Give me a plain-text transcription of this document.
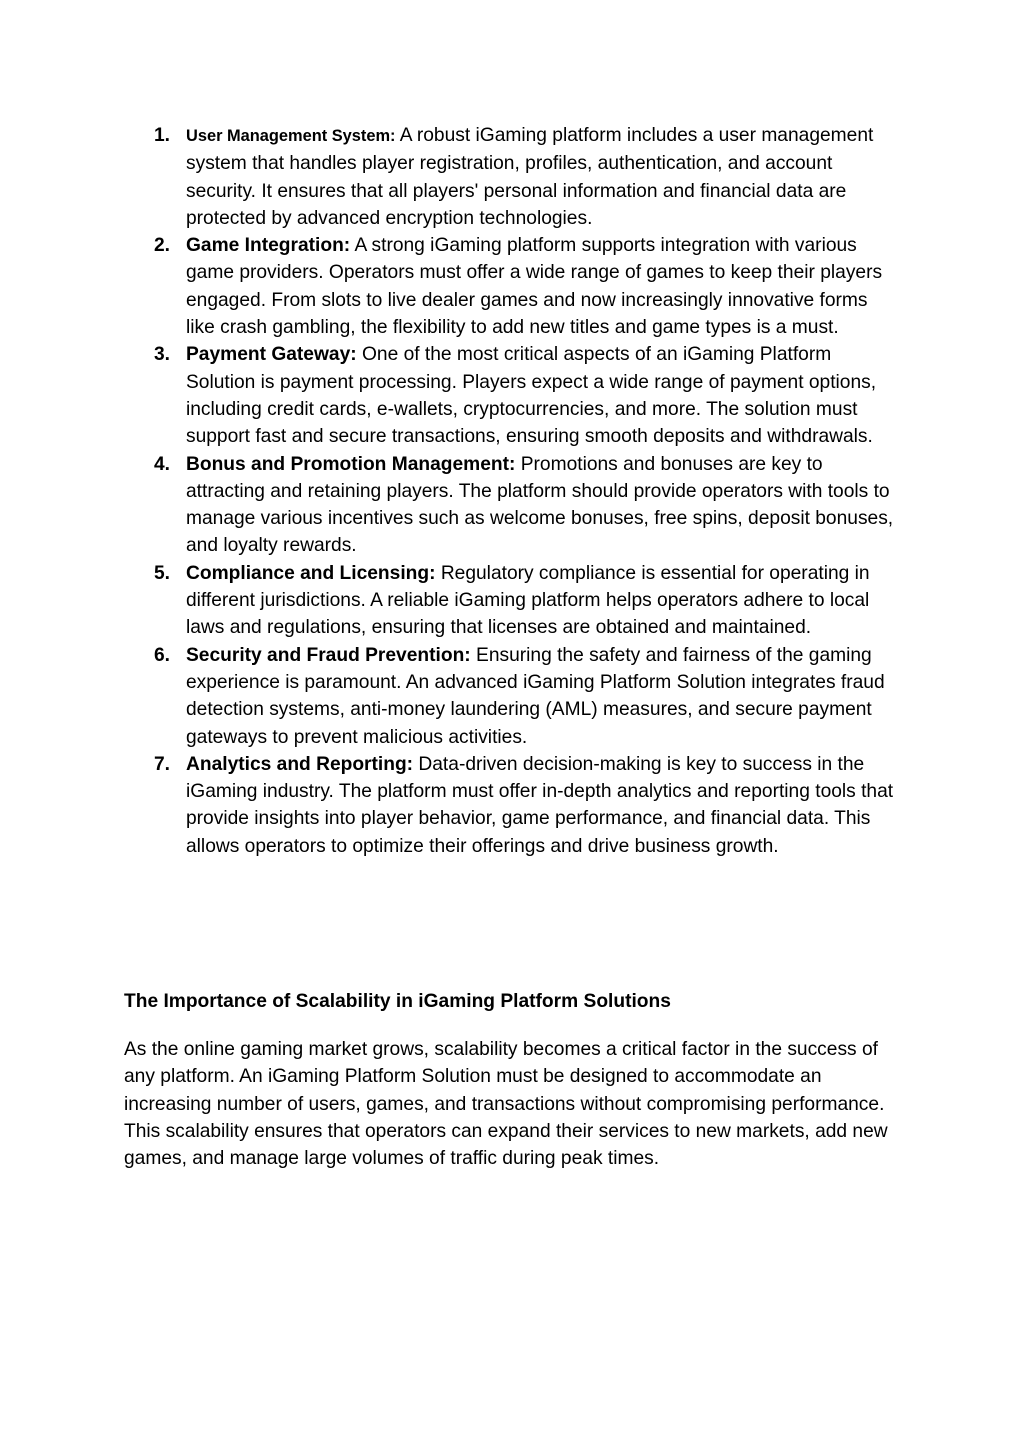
1. User Management System: A robust iGaming platform includes a user management system that handles player registration, profiles, authentication, and account security. It ensures that all players' personal information and financial data are protected by advanced encryption technologies.
2. Game Integration: A strong iGaming platform supports integration with various game providers. Operators must offer a wide range of games to keep their players engaged. From slots to live dealer games and now increasingly innovative forms like crash gambling, the flexibility to add new titles and game types is a must.
3. Payment Gateway: One of the most critical aspects of an iGaming Platform Solution is payment processing. Players expect a wide range of payment options, including credit cards, e-wallets, cryptocurrencies, and more. The solution must support fast and secure transactions, ensuring smooth deposits and withdrawals.
4. Bonus and Promotion Management: Promotions and bonuses are key to attracting and retaining players. The platform should provide operators with tools to manage various incentives such as welcome bonuses, free spins, deposit bonuses, and loyalty rewards.
5. Compliance and Licensing: Regulatory compliance is essential for operating in different jurisdictions. A reliable iGaming platform helps operators adhere to local laws and regulations, ensuring that licenses are obtained and maintained.
6. Security and Fraud Prevention: Ensuring the safety and fairness of the gaming experience is paramount. An advanced iGaming Platform Solution integrates fraud detection systems, anti-money laundering (AML) measures, and secure payment gateways to prevent malicious activities.
7. Analytics and Reporting: Data-driven decision-making is key to success in the iGaming industry. The platform must offer in-depth analytics and reporting tools that provide insights into player behavior, game performance, and financial data. This allows operators to optimize their offerings and drive business growth.
The Importance of Scalability in iGaming Platform Solutions

As the online gaming market grows, scalability becomes a critical factor in the success of any platform. An iGaming Platform Solution must be designed to accommodate an increasing number of users, games, and transactions without compromising performance. This scalability ensures that operators can expand their services to new markets, add new games, and manage large volumes of traffic during peak times.
